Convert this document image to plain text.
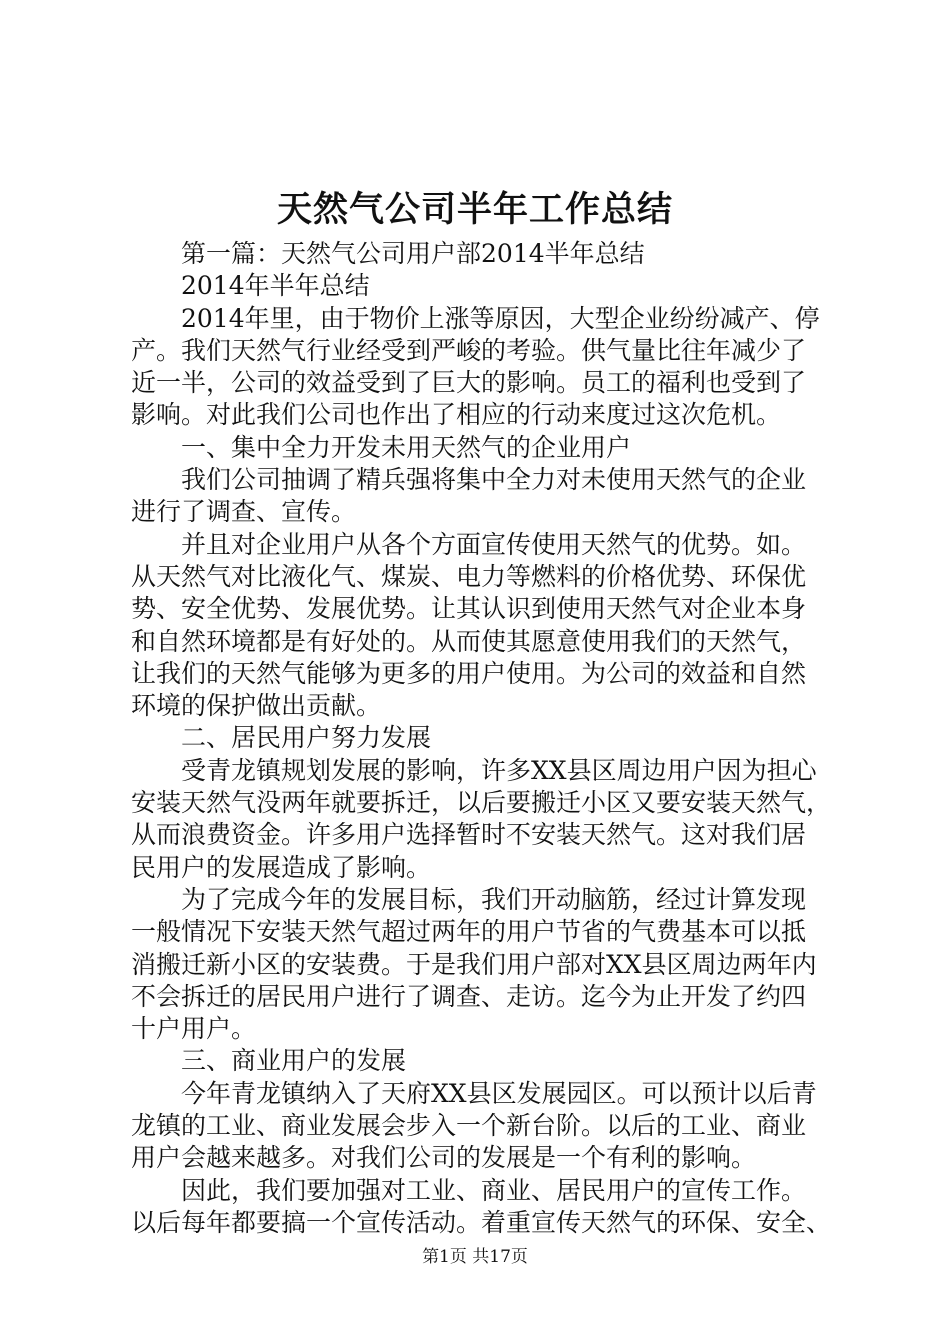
天然气公司半年工作总结
第一篇：天然气公司用户部2014半年总结
2014年半年总结
2014年里，由于物价上涨等原因，大型企业纷纷减产、停
产。我们天然气行业经受到严峻的考验。供气量比往年减少了
近一半，公司的效益受到了巨大的影响。员工的福利也受到了
影响。对此我们公司也作出了相应的行动来度过这次危机。
一、集中全力开发未用天然气的企业用户
我们公司抽调了精兵强将集中全力对未使用天然气的企业
进行了调查、宣传。
并且对企业用户从各个方面宣传使用天然气的优势。如。
从天然气对比液化气、煤炭、电力等燃料的价格优势、环保优
势、安全优势、发展优势。让其认识到使用天然气对企业本身
和自然环境都是有好处的。从而使其愿意使用我们的天然气，
让我们的天然气能够为更多的用户使用。为公司的效益和自然
环境的保护做出贡献。
二、居民用户努力发展
受青龙镇规划发展的影响，许多XX县区周边用户因为担心
安装天然气没两年就要拆迁，以后要搬迁小区又要安装天然气，
从而浪费资金。许多用户选择暂时不安装天然气。这对我们居
民用户的发展造成了影响。
为了完成今年的发展目标，我们开动脑筋，经过计算发现
一般情况下安装天然气超过两年的用户节省的气费基本可以抵
消搬迁新小区的安装费。于是我们用户部对XX县区周边两年内
不会拆迁的居民用户进行了调查、走访。迄今为止开发了约四
十户用户。
三、商业用户的发展
今年青龙镇纳入了天府XX县区发展园区。可以预计以后青
龙镇的工业、商业发展会步入一个新台阶。以后的工业、商业
用户会越来越多。对我们公司的发展是一个有利的影响。
因此，我们要加强对工业、商业、居民用户的宣传工作。
以后每年都要搞一个宣传活动。着重宣传天然气的环保、安全、
第1页 共17页
